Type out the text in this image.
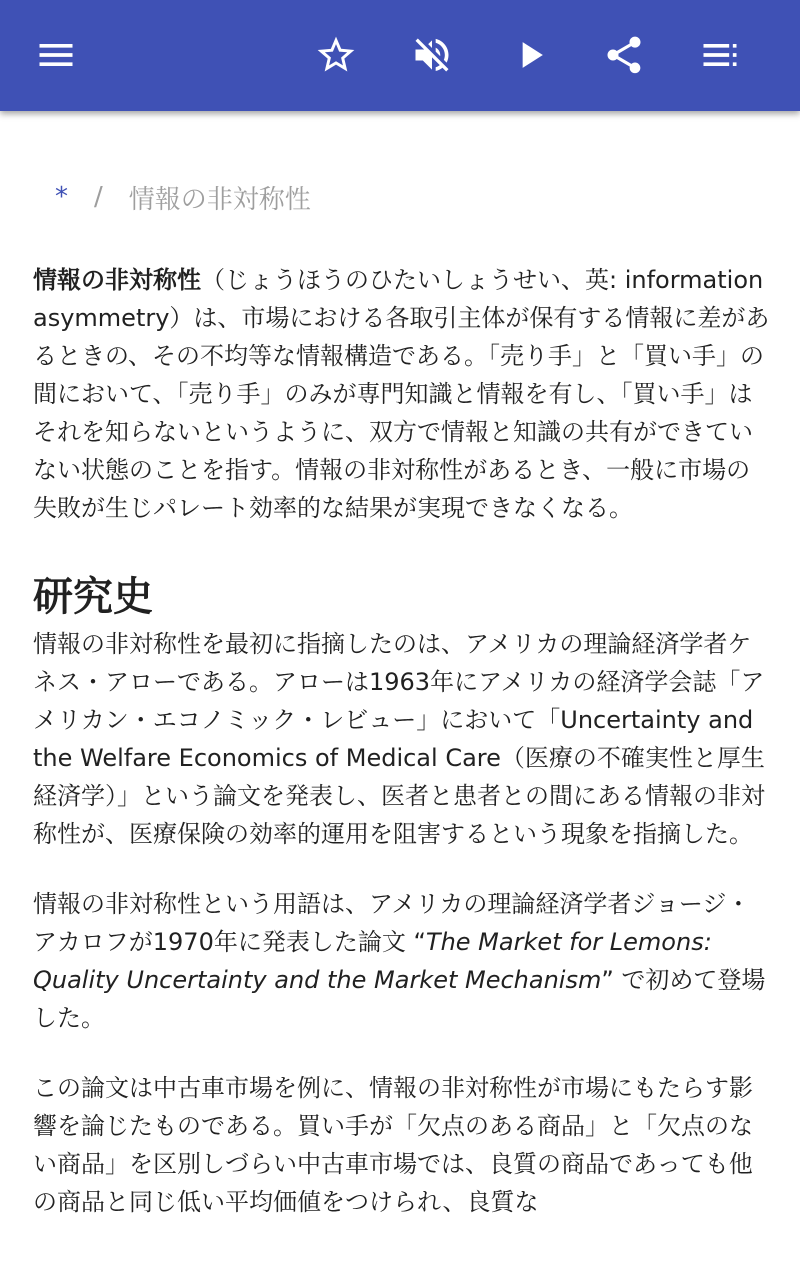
* / 情報の非対称性

情報の非対称性（じょうほうのひたいしょうせい、英: information asymmetry）は、市場における各取引主体が保有する情報に差があるときの、その不均等な情報構造である。「売り手」と「買い手」の間において、「売り手」のみが専門知識と情報を有し、「買い手」はそれを知らないというように、双方で情報と知識の共有ができていない状態のことを指す。情報の非対称性があるとき、一般に市場の失敗が生じパレート効率的な結果が実現できなくなる。

研究史

情報の非対称性を最初に指摘したのは、アメリカの理論経済学者ケネス・アローである。アローは1963年にアメリカの経済学会誌「アメリカン・エコノミック・レビュー」において「Uncertainty and the Welfare Economics of Medical Care（医療の不確実性と厚生経済学）」という論文を発表し、医者と患者との間にある情報の非対称性が、医療保険の効率的運用を阻害するという現象を指摘した。

情報の非対称性という用語は、アメリカの理論経済学者ジョージ・アカロフが1970年に発表した論文 “The Market for Lemons: Quality Uncertainty and the Market Mechanism” で初めて登場した。

この論文は中古車市場を例に、情報の非対称性が市場にもたらす影響を論じたものである。買い手が「欠点のある商品」と「欠点のない商品」を区別しづらい中古車市場では、良質の商品であっても他の商品と同じ低い平均価値をつけられ、良質な
